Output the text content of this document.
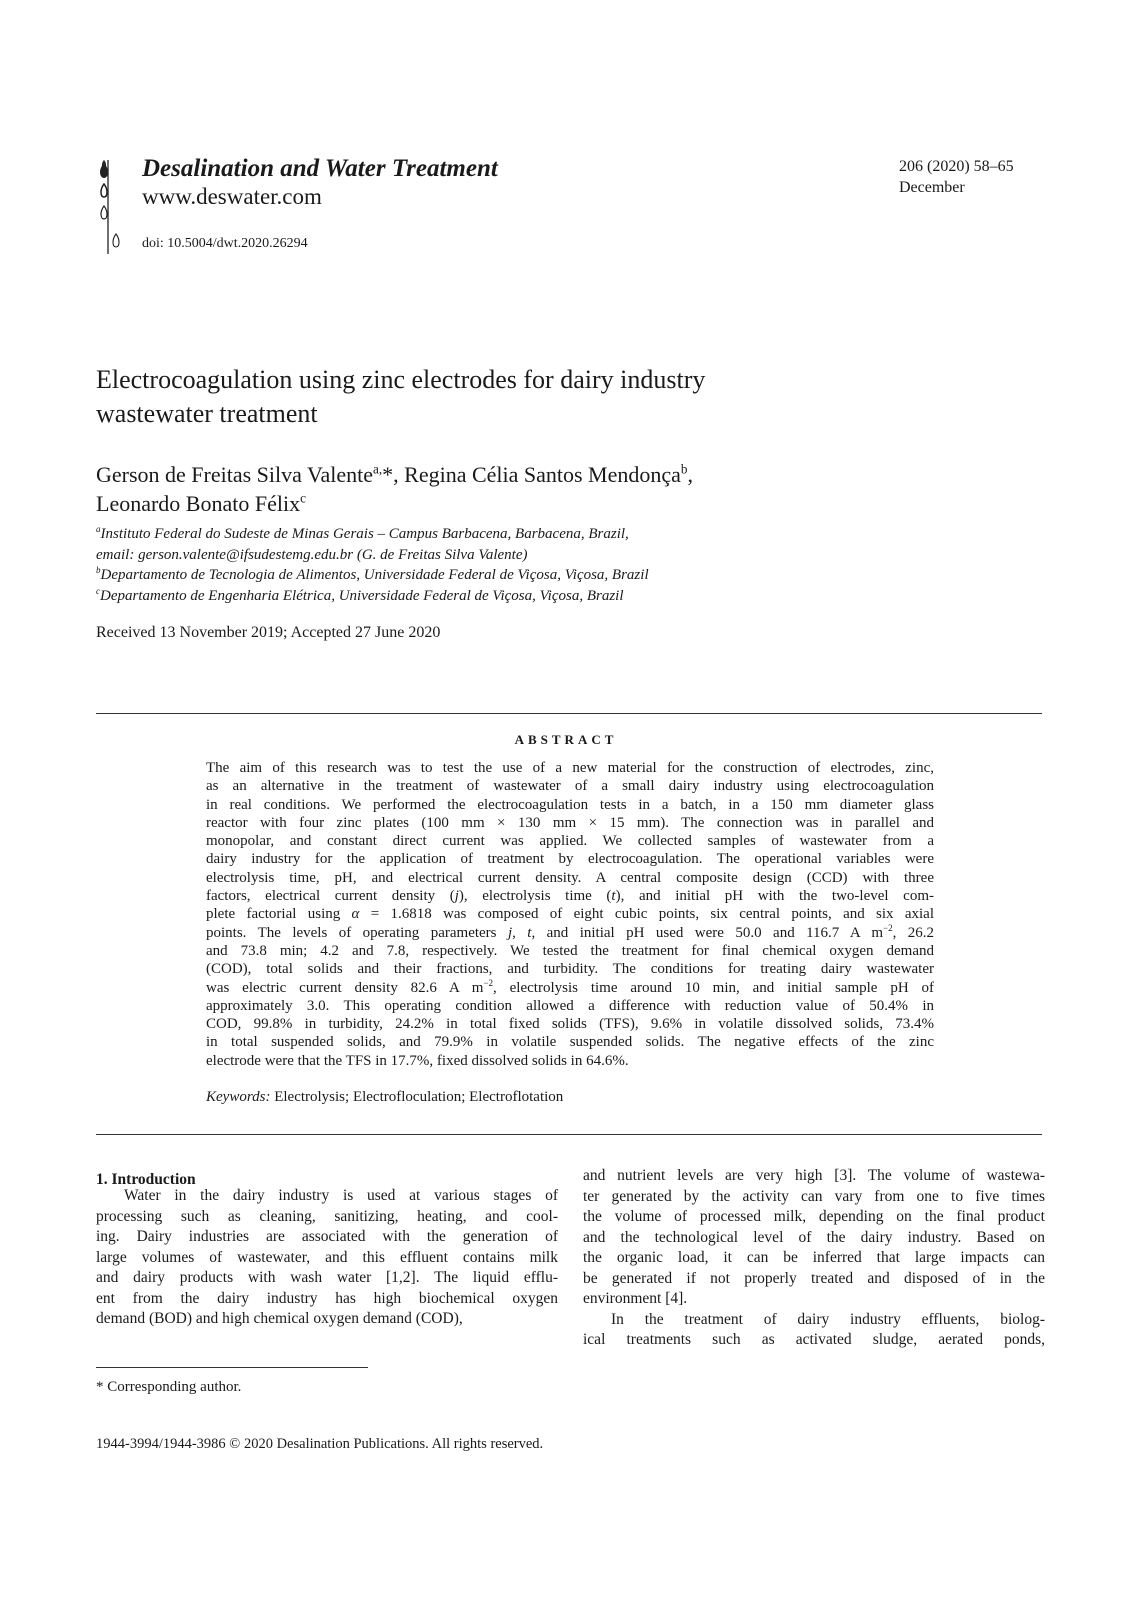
Desalination and Water Treatment
www.deswater.com
doi: 10.5004/dwt.2020.26294
206 (2020) 58–65
December
Electrocoagulation using zinc electrodes for dairy industry
wastewater treatment
Gerson de Freitas Silva Valente$^{a,}$*, Regina Célia Santos Mendonça$^b$,
Leonardo Bonato Félix$^c$
$^a$Instituto Federal do Sudeste de Minas Gerais – Campus Barbacena, Barbacena, Brazil,
email: gerson.valente@ifsudestemg.edu.br (G. de Freitas Silva Valente)
$^b$Departamento de Tecnologia de Alimentos, Universidade Federal de Viçosa, Viçosa, Brazil
$^c$Departamento de Engenharia Elétrica, Universidade Federal de Viçosa, Viçosa, Brazil
Received 13 November 2019; Accepted 27 June 2020
ABSTRACT
The aim of this research was to test the use of a new material for the construction of electrodes, zinc,
as an alternative in the treatment of wastewater of a small dairy industry using electrocoagulation
in real conditions. We performed the electrocoagulation tests in a batch, in a 150 mm diameter glass
reactor with four zinc plates (100 mm × 130 mm × 15 mm). The connection was in parallel and
monopolar, and constant direct current was applied. We collected samples of wastewater from a
dairy industry for the application of treatment by electrocoagulation. The operational variables were
electrolysis time, pH, and electrical current density. A central composite design (CCD) with three
factors, electrical current density (j), electrolysis time (t), and initial pH with the two-level com-
plete factorial using α = 1.6818 was composed of eight cubic points, six central points, and six axial
points. The levels of operating parameters j, t, and initial pH used were 50.0 and 116.7 A $m^{-2}$, 26.2
and 73.8 min; 4.2 and 7.8, respectively. We tested the treatment for final chemical oxygen demand
(COD), total solids and their fractions, and turbidity. The conditions for treating dairy wastewater
was electric current density 82.6 A $m^{-2}$, electrolysis time around 10 min, and initial sample pH of
approximately 3.0. This operating condition allowed a difference with reduction value of 50.4% in
COD, 99.8% in turbidity, 24.2% in total fixed solids (TFS), 9.6% in volatile dissolved solids, 73.4%
in total suspended solids, and 79.9% in volatile suspended solids. The negative effects of the zinc
electrode were that the TFS in 17.7%, fixed dissolved solids in 64.6%.
Keywords: Electrolysis; Electrofloculation; Electroflotation
1. Introduction
Water in the dairy industry is used at various stages of
processing such as cleaning, sanitizing, heating, and cool-
ing. Dairy industries are associated with the generation of
large volumes of wastewater, and this effluent contains milk
and dairy products with wash water [1,2]. The liquid efflu-
ent from the dairy industry has high biochemical oxygen
demand (BOD) and high chemical oxygen demand (COD),
and nutrient levels are very high [3]. The volume of wastewa-
ter generated by the activity can vary from one to five times
the volume of processed milk, depending on the final product
and the technological level of the dairy industry. Based on
the organic load, it can be inferred that large impacts can
be generated if not properly treated and disposed of in the
environment [4].
In the treatment of dairy industry effluents, biolog-
ical treatments such as activated sludge, aerated ponds,
* Corresponding author.
1944-3994/1944-3986 © 2020 Desalination Publications. All rights reserved.
